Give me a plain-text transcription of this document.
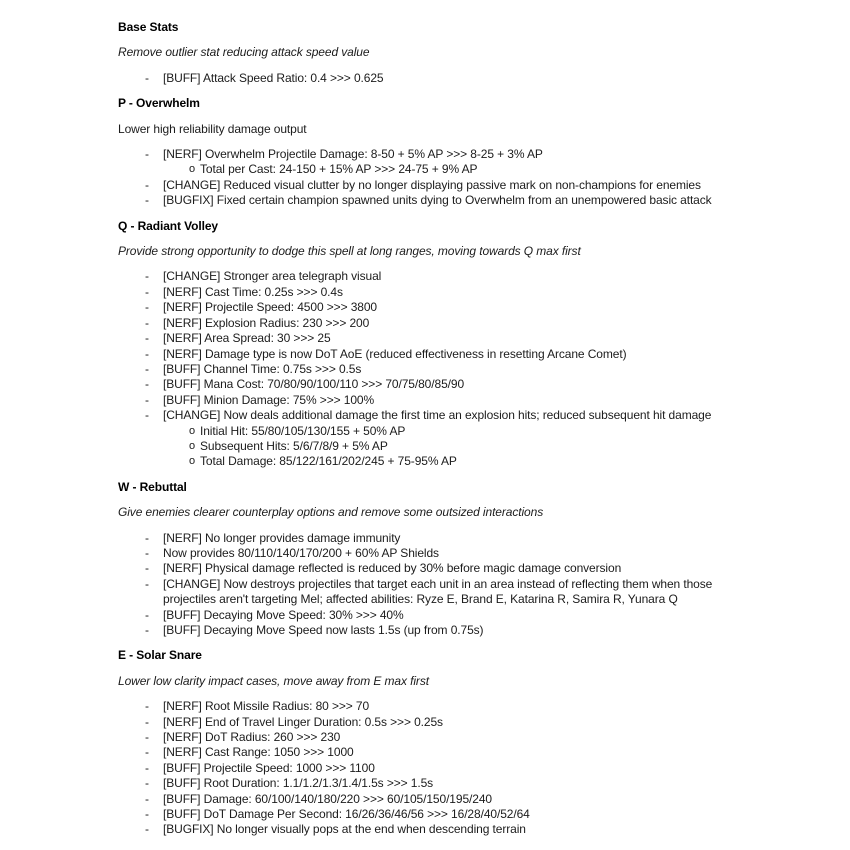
Base Stats

Remove outlier stat reducing attack speed value

- [BUFF] Attack Speed Ratio: 0.4 >>> 0.625

P - Overwhelm

Lower high reliability damage output

- [NERF] Overwhelm Projectile Damage: 8-50 + 5% AP >>> 8-25 + 3% AP
o Total per Cast: 24-150 + 15% AP >>> 24-75 + 9% AP
- [CHANGE] Reduced visual clutter by no longer displaying passive mark on non-champions for enemies
- [BUGFIX] Fixed certain champion spawned units dying to Overwhelm from an unempowered basic attack

Q - Radiant Volley

Provide strong opportunity to dodge this spell at long ranges, moving towards Q max first

- [CHANGE] Stronger area telegraph visual
- [NERF] Cast Time: 0.25s >>> 0.4s
- [NERF] Projectile Speed: 4500 >>> 3800
- [NERF] Explosion Radius: 230 >>> 200
- [NERF] Area Spread: 30 >>> 25
- [NERF] Damage type is now DoT AoE (reduced effectiveness in resetting Arcane Comet)
- [BUFF] Channel Time: 0.75s >>> 0.5s
- [BUFF] Mana Cost: 70/80/90/100/110 >>> 70/75/80/85/90
- [BUFF] Minion Damage: 75% >>> 100%
- [CHANGE] Now deals additional damage the first time an explosion hits; reduced subsequent hit damage
o Initial Hit: 55/80/105/130/155 + 50% AP
o Subsequent Hits: 5/6/7/8/9 + 5% AP
o Total Damage: 85/122/161/202/245 + 75-95% AP

W - Rebuttal

Give enemies clearer counterplay options and remove some outsized interactions

- [NERF] No longer provides damage immunity
- Now provides 80/110/140/170/200 + 60% AP Shields
- [NERF] Physical damage reflected is reduced by 30% before magic damage conversion
- [CHANGE] Now destroys projectiles that target each unit in an area instead of reflecting them when those
projectiles aren't targeting Mel; affected abilities: Ryze E, Brand E, Katarina R, Samira R, Yunara Q
- [BUFF] Decaying Move Speed: 30% >>> 40%
- [BUFF] Decaying Move Speed now lasts 1.5s (up from 0.75s)

E - Solar Snare

Lower low clarity impact cases, move away from E max first

- [NERF] Root Missile Radius: 80 >>> 70
- [NERF] End of Travel Linger Duration: 0.5s >>> 0.25s
- [NERF] DoT Radius: 260 >>> 230
- [NERF] Cast Range: 1050 >>> 1000
- [BUFF] Projectile Speed: 1000 >>> 1100
- [BUFF] Root Duration: 1.1/1.2/1.3/1.4/1.5s >>> 1.5s
- [BUFF] Damage: 60/100/140/180/220 >>> 60/105/150/195/240
- [BUFF] DoT Damage Per Second: 16/26/36/46/56 >>> 16/28/40/52/64
- [BUGFIX] No longer visually pops at the end when descending terrain
